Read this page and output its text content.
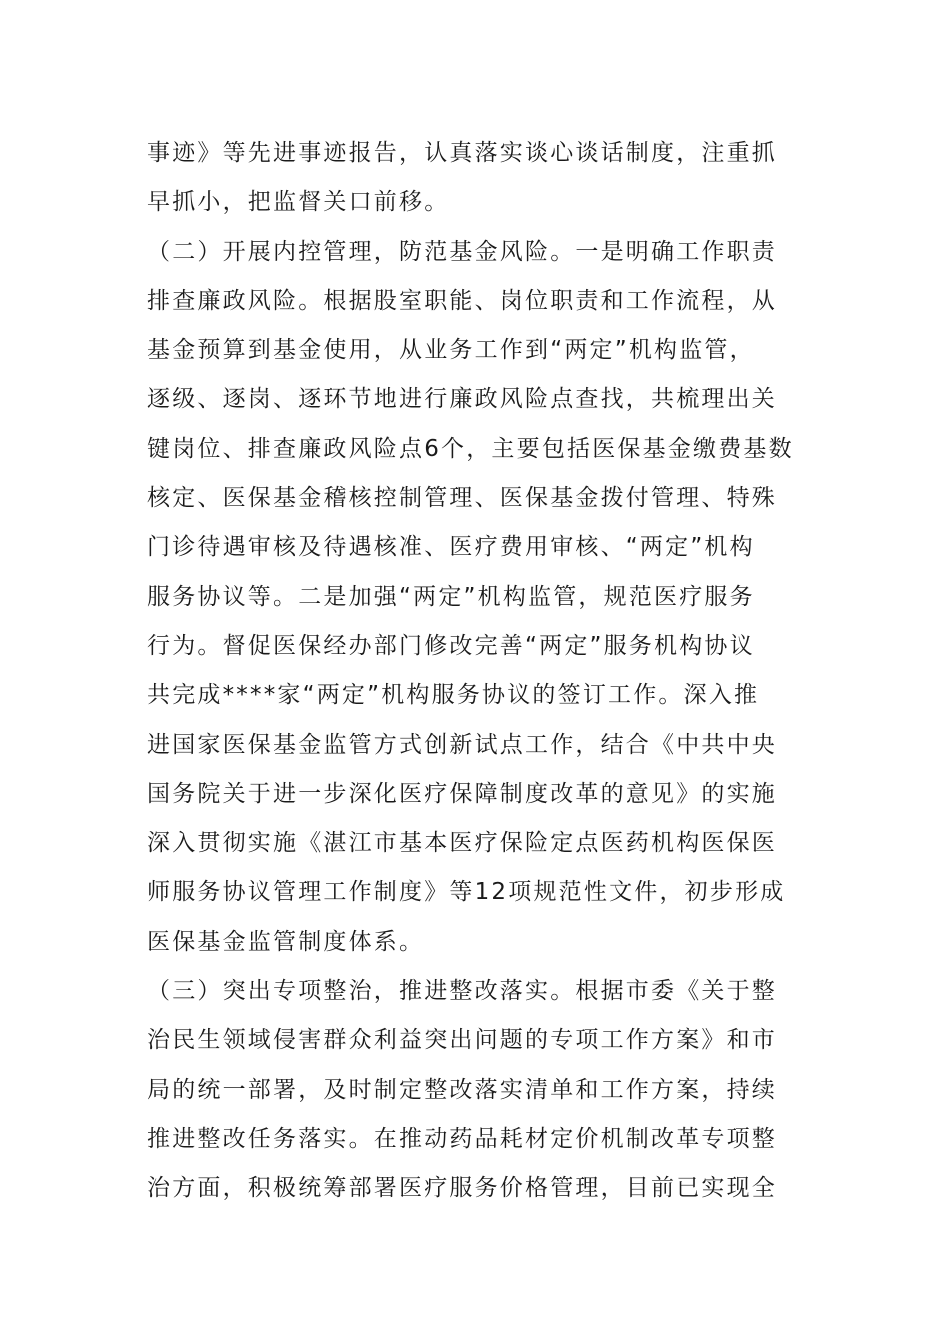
事迹》等先进事迹报告，认真落实谈心谈话制度，注重抓
早抓小，把监督关口前移。
（二）开展内控管理，防范基金风险。一是明确工作职责
排查廉政风险。根据股室职能、岗位职责和工作流程，从
基金预算到基金使用，从业务工作到“两定”机构监管，
逐级、逐岗、逐环节地进行廉政风险点查找，共梳理出关
键岗位、排查廉政风险点6个，主要包括医保基金缴费基数
核定、医保基金稽核控制管理、医保基金拨付管理、特殊
门诊待遇审核及待遇核准、医疗费用审核、“两定”机构
服务协议等。二是加强“两定”机构监管，规范医疗服务
行为。督促医保经办部门修改完善“两定”服务机构协议
共完成****家“两定”机构服务协议的签订工作。深入推
进国家医保基金监管方式创新试点工作，结合《中共中央
国务院关于进一步深化医疗保障制度改革的意见》的实施
深入贯彻实施《湛江市基本医疗保险定点医药机构医保医
师服务协议管理工作制度》等12项规范性文件，初步形成
医保基金监管制度体系。
（三）突出专项整治，推进整改落实。根据市委《关于整
治民生领域侵害群众利益突出问题的专项工作方案》和市
局的统一部署，及时制定整改落实清单和工作方案，持续
推进整改任务落实。在推动药品耗材定价机制改革专项整
治方面，积极统筹部署医疗服务价格管理，目前已实现全
